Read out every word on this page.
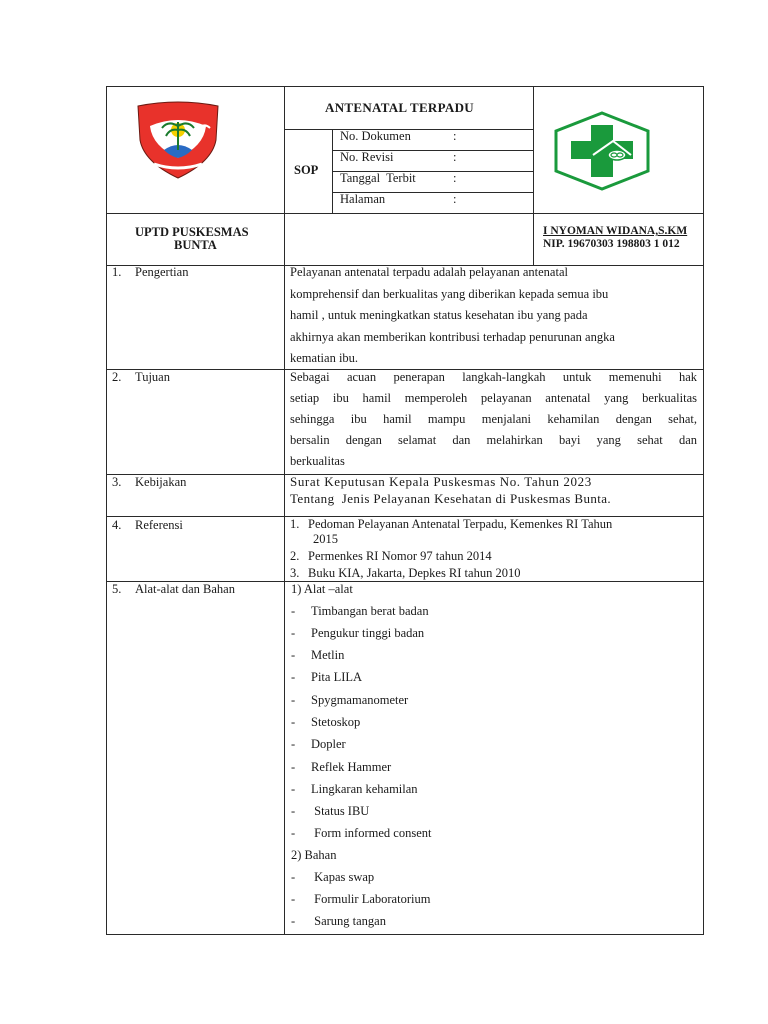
ANTENATAL TERPADU
SOP
No. Dokumen	:
No. Revisi	:
Tanggal  Terbit	:
Halaman	:
UPTD PUSKESMAS
BUNTA
I NYOMAN WIDANA,S.KM
NIP. 19670303 198803 1 012
1. Pengertian	Pelayanan antenatal terpadu adalah pelayanan antenatal
komprehensif dan berkualitas yang diberikan kepada semua ibu
hamil , untuk meningkatkan status kesehatan ibu yang pada
akhirnya akan memberikan kontribusi terhadap penurunan angka
kematian ibu.
2. Tujuan	Sebagai acuan penerapan langkah-langkah untuk memenuhi hak
setiap ibu hamil memperoleh pelayanan antenatal yang berkualitas
sehingga ibu hamil mampu menjalani kehamilan dengan sehat,
bersalin dengan selamat dan melahirkan bayi yang sehat dan
berkualitas
3. Kebijakan	Surat Keputusan Kepala Puskesmas No. Tahun 2023
Tentang  Jenis Pelayanan Kesehatan di Puskesmas Bunta.
4. Referensi	1. Pedoman Pelayanan Antenatal Terpadu, Kemenkes RI Tahun
2015
2. Permenkes RI Nomor 97 tahun 2014
3. Buku KIA, Jakarta, Depkes RI tahun 2010
5. Alat-alat dan Bahan	1) Alat –alat
- Timbangan berat badan
- Pengukur tinggi badan
- Metlin
- Pita LILA
- Spygmamanometer
- Stetoskop
- Dopler
- Reflek Hammer
- Lingkaran kehamilan
- Status IBU
- Form informed consent
2) Bahan
- Kapas swap
- Formulir Laboratorium
- Sarung tangan
